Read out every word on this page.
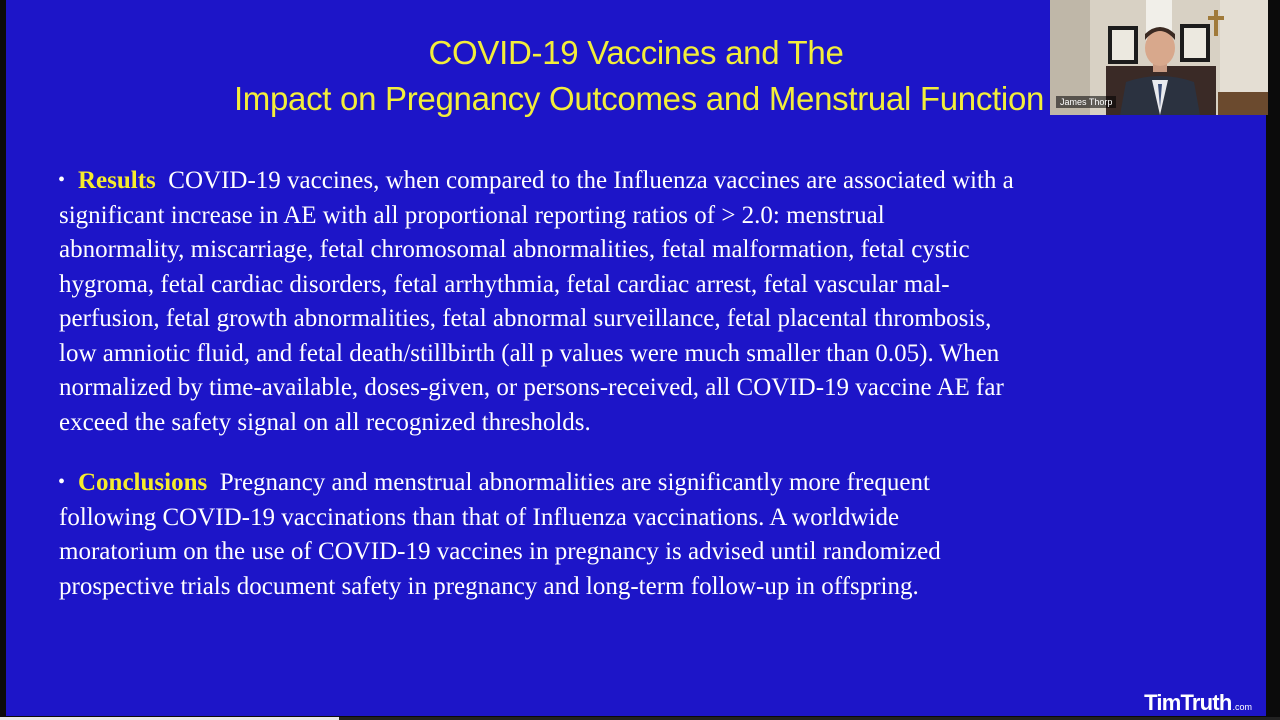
COVID-19 Vaccines and The
Impact on Pregnancy Outcomes and Menstrual Function
• Results COVID-19 vaccines, when compared to the Influenza vaccines are associated with a
significant increase in AE with all proportional reporting ratios of > 2.0: menstrual
abnormality, miscarriage, fetal chromosomal abnormalities, fetal malformation, fetal cystic
hygroma, fetal cardiac disorders, fetal arrhythmia, fetal cardiac arrest, fetal vascular mal-
perfusion, fetal growth abnormalities, fetal abnormal surveillance, fetal placental thrombosis,
low amniotic fluid, and fetal death/stillbirth (all p values were much smaller than 0.05). When
normalized by time-available, doses-given, or persons-received, all COVID-19 vaccine AE far
exceed the safety signal on all recognized thresholds.
• Conclusions Pregnancy and menstrual abnormalities are significantly more frequent
following COVID-19 vaccinations than that of Influenza vaccinations. A worldwide
moratorium on the use of COVID-19 vaccines in pregnancy is advised until randomized
prospective trials document safety in pregnancy and long-term follow-up in offspring.
James Thorp
TimTruth.com
